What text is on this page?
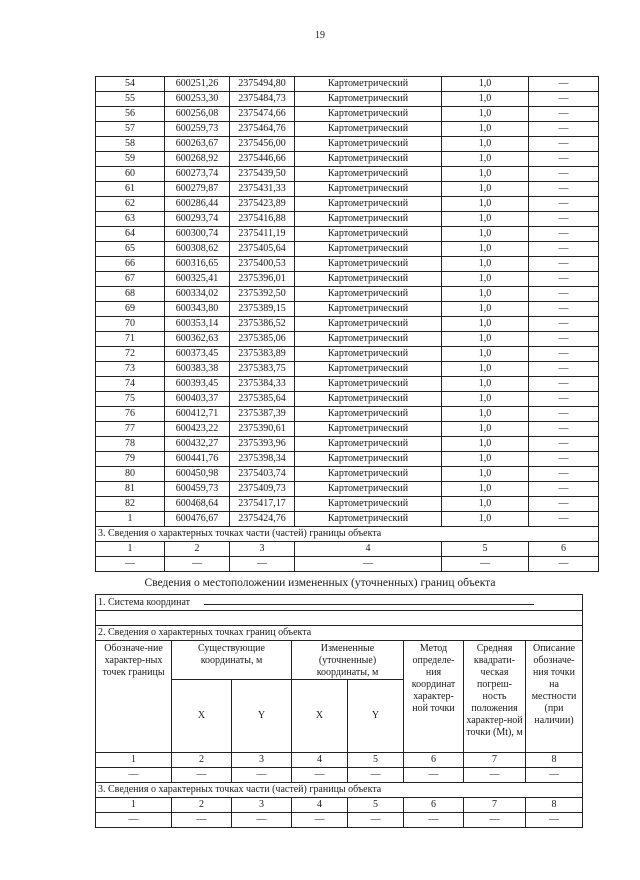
19
54	600251,26	2375494,80	Картометрический	1,0	—
55	600253,30	2375484,73	Картометрический	1,0	—
56	600256,08	2375474,66	Картометрический	1,0	—
57	600259,73	2375464,76	Картометрический	1,0	—
58	600263,67	2375456,00	Картометрический	1,0	—
59	600268,92	2375446,66	Картометрический	1,0	—
60	600273,74	2375439,50	Картометрический	1,0	—
61	600279,87	2375431,33	Картометрический	1,0	—
62	600286,44	2375423,89	Картометрический	1,0	—
63	600293,74	2375416,88	Картометрический	1,0	—
64	600300,74	2375411,19	Картометрический	1,0	—
65	600308,62	2375405,64	Картометрический	1,0	—
66	600316,65	2375400,53	Картометрический	1,0	—
67	600325,41	2375396,01	Картометрический	1,0	—
68	600334,02	2375392,50	Картометрический	1,0	—
69	600343,80	2375389,15	Картометрический	1,0	—
70	600353,14	2375386,52	Картометрический	1,0	—
71	600362,63	2375385,06	Картометрический	1,0	—
72	600373,45	2375383,89	Картометрический	1,0	—
73	600383,38	2375383,75	Картометрический	1,0	—
74	600393,45	2375384,33	Картометрический	1,0	—
75	600403,37	2375385,64	Картометрический	1,0	—
76	600412,71	2375387,39	Картометрический	1,0	—
77	600423,22	2375390,61	Картометрический	1,0	—
78	600432,27	2375393,96	Картометрический	1,0	—
79	600441,76	2375398,34	Картометрический	1,0	—
80	600450,98	2375403,74	Картометрический	1,0	—
81	600459,73	2375409,73	Картометрический	1,0	—
82	600468,64	2375417,17	Картометрический	1,0	—
1	600476,67	2375424,76	Картометрический	1,0	—
3. Сведения о характерных точках части (частей) границы объекта					
1	2	3	4	5	6
—	—	—	—	—	—
Сведения о местоположении измененных (уточненных) границ объекта
1. Система координат							

2. Сведения о характерных точках границ объекта							
Обозначе-ние характер-ных точек границы	Существующие координаты, м		Измененные (уточненные) координаты, м		Метод определе-ния координат характер-ной точки	Средняя квадрати-ческая погреш-ность положения характер-ной точки (Mt), м	Описание обозначе-ния точки на местности (при наличии)
	X	Y	X	Y			
1	2	3	4	5	6	7	8
—	—	—	—	—	—	—	—
3. Сведения о характерных точках части (частей) границы объекта							
1	2	3	4	5	6	7	8
—	—	—	—	—	—	—	—
